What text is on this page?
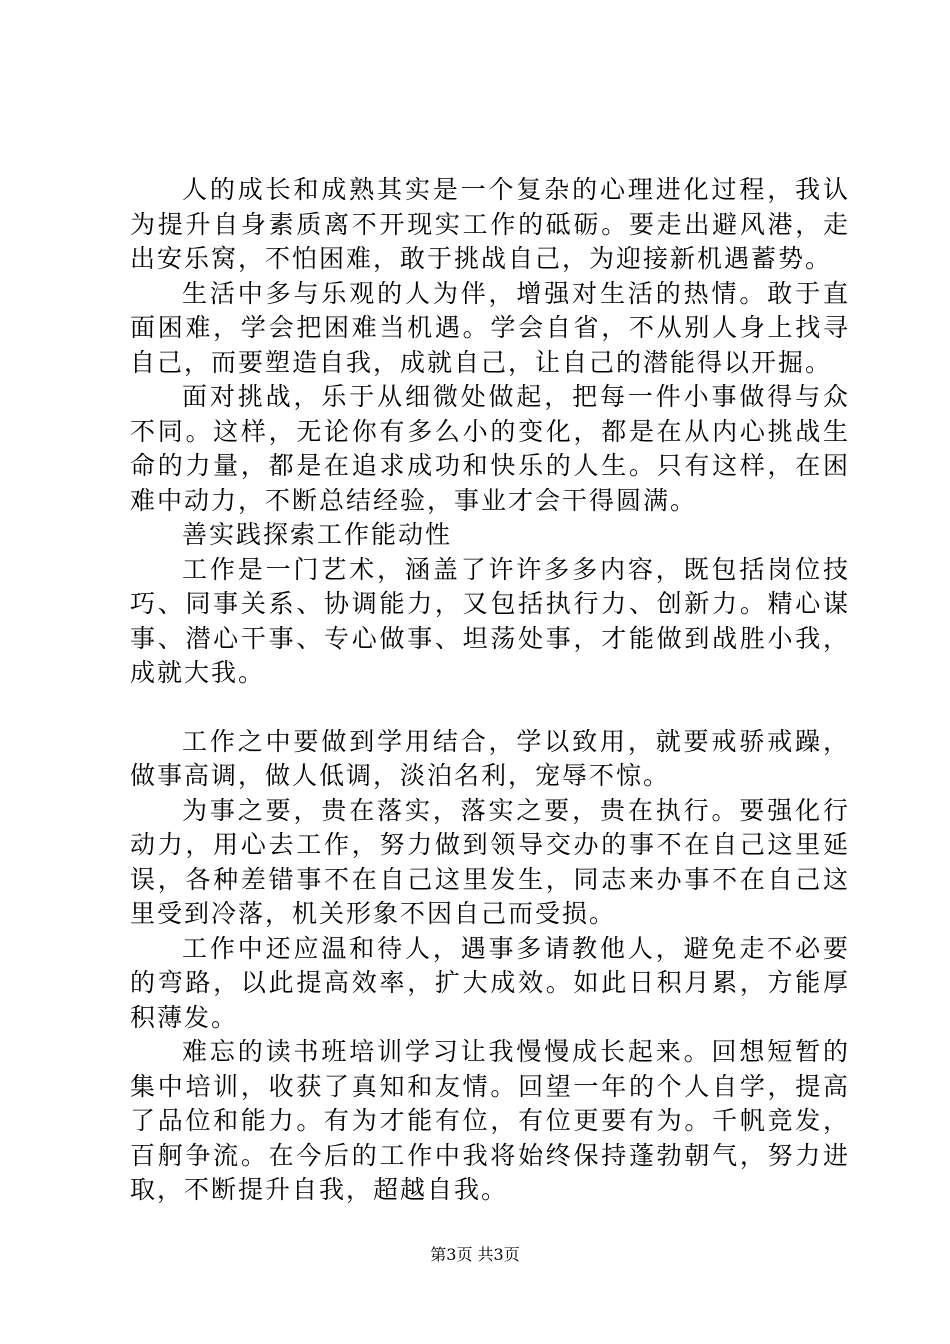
人的成长和成熟其实是一个复杂的心理进化过程，我认为提升自身素质离不开现实工作的砥砺。要走出避风港，走出安乐窝，不怕困难，敢于挑战自己，为迎接新机遇蓄势。

生活中多与乐观的人为伴，增强对生活的热情。敢于直面困难，学会把困难当机遇。学会自省，不从别人身上找寻自己，而要塑造自我，成就自己，让自己的潜能得以开掘。

面对挑战，乐于从细微处做起，把每一件小事做得与众不同。这样，无论你有多么小的变化，都是在从内心挑战生命的力量，都是在追求成功和快乐的人生。只有这样，在困难中动力，不断总结经验，事业才会干得圆满。

善实践探索工作能动性

工作是一门艺术，涵盖了许许多多内容，既包括岗位技巧、同事关系、协调能力，又包括执行力、创新力。精心谋事、潜心干事、专心做事、坦荡处事，才能做到战胜小我，成就大我。

工作之中要做到学用结合，学以致用，就要戒骄戒躁，做事高调，做人低调，淡泊名利，宠辱不惊。

为事之要，贵在落实，落实之要，贵在执行。要强化行动力，用心去工作，努力做到领导交办的事不在自己这里延误，各种差错事不在自己这里发生，同志来办事不在自己这里受到冷落，机关形象不因自己而受损。

工作中还应温和待人，遇事多请教他人，避免走不必要的弯路，以此提高效率，扩大成效。如此日积月累，方能厚积薄发。

难忘的读书班培训学习让我慢慢成长起来。回想短暂的集中培训，收获了真知和友情。回望一年的个人自学，提高了品位和能力。有为才能有位，有位更要有为。千帆竞发，百舸争流。在今后的工作中我将始终保持蓬勃朝气，努力进取，不断提升自我，超越自我。

第3页 共3页
